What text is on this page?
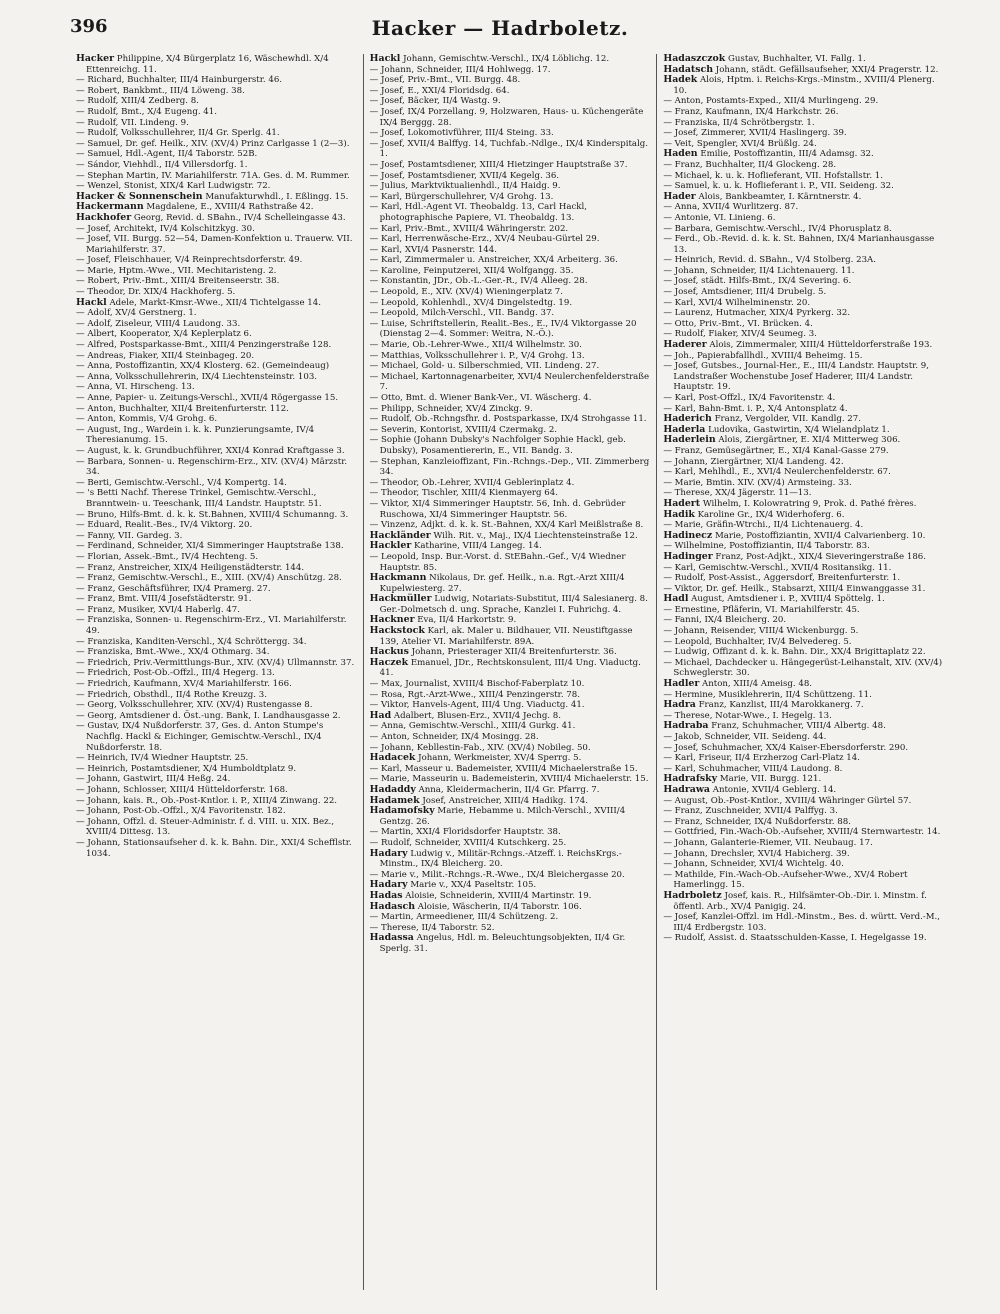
396	Hacker — Hadrboletz.

Hacker Philippine, X/4 Bürgerplatz 16, Wäschewhdl. X/4 Ettenreichg. 11.

— Richard, Buchhalter, III/4 Hainburgerstr. 46.

— Robert, Bankbmt., III/4 Löweng. 38.

— Rudolf, XIII/4 Zedberg. 8.

— Rudolf, Bmt., X/4 Eugeng. 41.

— Rudolf, VII. Lindeng. 9.

— Rudolf, Volksschullehrer, II/4 Gr. Sperlg. 41.

— Samuel, Dr. gef. Heilk., XIV. (XV/4) Prinz Carlgasse 1 (2—3).

— Samuel, Hdl.-Agent, II/4 Taborstr. 52B.

— Sándor, Viehhdl., II/4 Villersdorfg. 1.

— Stephan Martin, IV. Mariahilferstr. 71A. Ges. d. M. Rummer.

— Wenzel, Stonist, XIX/4 Karl Ludwigstr. 72.

Hacker & Sonnenschein Manufakturwhdl., I. Eßlingg. 15.

Hackermann Magdalene, E., XVIII/4 Rathstraße 42.

Hackhofer Georg, Revid. d. SBahn., IV/4 Schelleingasse 43.

— Josef, Architekt, IV/4 Kolschitzkyg. 30.

— Josef, VII. Burgg. 52—54, Damen-Konfektion u. Trauerw. VII. Mariahilferstr. 37.

— Josef, Fleischhauer, V/4 Reinprechtsdorferstr. 49.

— Marie, Hptm.-Wwe., VII. Mechitaristeng. 2.

— Robert, Priv.-Bmt., XIII/4 Breitenseerstr. 38.

— Theodor, Dr. XIX/4 Hackhoferg. 5.

Hackl Adele, Markt-Kmsr.-Wwe., XII/4 Tichtelgasse 14.

— Adolf, XV/4 Gerstnerg. 1.

— Adolf, Ziseleur, VIII/4 Laudong. 33.

— Albert, Kooperator, X/4 Keplerplatz 6.

— Alfred, Postsparkasse-Bmt., XIII/4 Penzingerstraße 128.

— Andreas, Fiaker, XII/4 Steinbageg. 20.

— Anna, Postoffizantin, XX/4 Klosterg. 62. (Gemeindeaug)

— Anna, Volksschullehrerin, IX/4 Liechtensteinstr. 103.

— Anna, VI. Hirscheng. 13.

— Anne, Papier- u. Zeitungs-Verschl., XVII/4 Rögergasse 15.

— Anton, Buchhalter, XII/4 Breitenfurterstr. 112.

— Anton, Kommis, V/4 Grohg. 6.

— August, Ing., Wardein i. k. k. Punzierungsamte, IV/4 Theresianumg. 15.

— August, k. k. Grundbuchführer, XXI/4 Konrad Kraftgasse 3.

— Barbara, Sonnen- u. Regenschirm-Erz., XIV. (XV/4) Märzstr. 34.

— Berti, Gemischtw.-Verschl., V/4 Kompertg. 14.

— 's Betti Nachf. Therese Trinkel, Gemischtw.-Verschl., Branntwein- u. Teeschank, III/4 Landstr. Hauptstr. 51.

— Bruno, Hilfs-Bmt. d. k. k. St.Bahnen, XVIII/4 Schumanng. 3.

— Eduard, Realit.-Bes., IV/4 Viktorg. 20.

— Fanny, VII. Gardeg. 3.

— Ferdinand, Schneider, XI/4 Simmeringer Hauptstraße 138.

— Florian, Assek.-Bmt., IV/4 Hechteng. 5.

— Franz, Anstreicher, XIX/4 Heiligenstädterstr. 144.

— Franz, Gemischtw.-Verschl., E., XIII. (XV/4) Anschützg. 28.

— Franz, Geschäftsführer, IX/4 Pramerg. 27.

— Franz, Bmt. VIII/4 Josefstädterstr. 91.

— Franz, Musiker, XVI/4 Haberlg. 47.

— Franziska, Sonnen- u. Regenschirm-Erz., VI. Mariahilferstr. 49.

— Franziska, Kanditen-Verschl., X/4 Schröttergg. 34.

— Franziska, Bmt.-Wwe., XX/4 Othmarg. 34.

— Friedrich, Priv.-Vermittlungs-Bur., XIV. (XV/4) Ullmannstr. 37.

— Friedrich, Post-Ob.-Offzl., III/4 Hegerg. 13.

— Friedrich, Kaufmann, XV/4 Mariahilferstr. 166.

— Friedrich, Obsthdl., II/4 Rothe Kreuzg. 3.

— Georg, Volksschullehrer, XIV. (XV/4) Rustengasse 8.

— Georg, Amtsdiener d. Öst.-ung. Bank, I. Landhausgasse 2.

— Gustav, IX/4 Nußdorferstr. 37, Ges. d. Anton Stumpe's Nachflg. Hackl & Eichinger, Gemischtw.-Verschl., IX/4 Nußdorferstr. 18.

— Heinrich, IV/4 Wiedner Hauptstr. 25.

— Heinrich, Postamtsdiener, X/4 Humboldtplatz 9.

— Johann, Gastwirt, III/4 Heßg. 24.

— Johann, Schlosser, XIII/4 Hütteldorferstr. 168.

— Johann, kais. R., Ob.-Post-Kntlor. i. P., XIII/4 Zinwang. 22.

— Johann, Post-Ob.-Offzl., X/4 Favoritenstr. 182.

— Johann, Offzl. d. Steuer-Administr. f. d. VIII. u. XIX. Bez., XVIII/4 Dittesg. 13.

— Johann, Stationsaufseher d. k. k. Bahn. Dir., XXI/4 Schefflstr. 1034.

Hackl Johann, Gemischtw.-Verschl., IX/4 Löblichg. 12.

— Johann, Schneider, III/4 Hohlwegg. 17.

— Josef, Priv.-Bmt., VII. Burgg. 48.

— Josef, E., XXI/4 Floridsdg. 64.

— Josef, Bäcker, II/4 Wastg. 9.

— Josef, IX/4 Porzellang. 9, Holzwaren, Haus- u. Küchengeräte IX/4 Berggg. 28.

— Josef, Lokomotivführer, III/4 Steing. 33.

— Josef, XVII/4 Balffyg. 14, Tuchfab.-Ndlge., IX/4 Kinderspitalg. 1.

— Josef, Postamtsdiener, XIII/4 Hietzinger Hauptstraße 37.

— Josef, Postamtsdiener, XVII/4 Kegelg. 36.

— Julius, Marktviktualienhdl., II/4 Haidg. 9.

— Karl, Bürgerschullehrer, V/4 Grohg. 13.

— Karl, Hdl.-Agent VI. Theobaldg. 13, Carl Hackl, photographische Papiere, VI. Theobaldg. 13.

— Karl, Priv.-Bmt., XVIII/4 Währingerstr. 202.

— Karl, Herrenwäsche-Erz., XV/4 Neubau-Gürtel 29.

— Karl, XVI/4 Pasnerstr. 144.

— Karl, Zimmermaler u. Anstreicher, XX/4 Arbeiterg. 36.

— Karoline, Feinputzerei, XII/4 Wolfgangg. 35.

— Konstantin, JDr., Ob.-L.-Ger.-R., IV/4 Alleeg. 28.

— Leopold, E., XIV. (XV/4) Wieningerplatz 7.

— Leopold, Kohlenhdl., XV/4 Dingelstedtg. 19.

— Leopold, Milch-Verschl., VII. Bandg. 37.

— Luise, Schriftstellerin, Realit.-Bes., E., IV/4 Viktorgasse 20 (Dienstag 2—4. Sommer: Weitra, N.-Ö.).

— Marie, Ob.-Lehrer-Wwe., XII/4 Wilhelmstr. 30.

— Matthias, Volksschullehrer i. P., V/4 Grohg. 13.

— Michael, Gold- u. Silberschmied, VII. Lindeng. 27.

— Michael, Kartonnagenarbeiter, XVI/4 Neulerchenfelderstraße 7.

— Otto, Bmt. d. Wiener Bank-Ver., VI. Wäscherg. 4.

— Philipp, Schneider, XV/4 Zinckg. 9.

— Rudolf, Ob.-Rchngsfhr. d. Postsparkasse, IX/4 Strohgasse 11.

— Severin, Kontorist, XVIII/4 Czermakg. 2.

— Sophie (Johann Dubsky's Nachfolger Sophie Hackl, geb. Dubsky), Posamentiererin, E., VII. Bandg. 3.

— Stephan, Kanzleioffizant, Fin.-Rchngs.-Dep., VII. Zimmerberg 34.

— Theodor, Ob.-Lehrer, XVII/4 Geblerinplatz 4.

— Theodor, Tischler, XIII/4 Kienmayerg 64.

— Viktor, XI/4 Simmeringer Hauptstr. 56, Inh. d. Gebrüder Ruschowa, XI/4 Simmeringer Hauptstr. 56.

— Vinzenz, Adjkt. d. k. k. St.-Bahnen, XX/4 Karl Meißlstraße 8.

Hackländer Wilh. Rit. v., Maj., IX/4 Liechtensteinstraße 12.

Hackler Katharine, VIII/4 Langeg. 14.

— Leopold, Insp. Bur.-Vorst. d. StEBahn.-Gef., V/4 Wiedner Hauptstr. 85.

Hackmann Nikolaus, Dr. gef. Heilk., n.a. Rgt.-Arzt XIII/4 Kupelwiesterg. 27.

Hackmüller Ludwig, Notariats-Substitut, III/4 Salesianerg. 8. Ger.-Dolmetsch d. ung. Sprache, Kanzlei I. Fuhrichg. 4.

Hackner Eva, II/4 Harkortstr. 9.

Hackstock Karl, ak. Maler u. Bildhauer, VII. Neustiftgasse 139, Atelier VI. Mariahilferstr. 89A.

Hackus Johann, Priesterager XII/4 Breitenfurterstr. 36.

Haczek Emanuel, JDr., Rechtskonsulent, III/4 Ung. Viaductg. 41.

— Max, Journalist, XVIII/4 Bischof-Faberplatz 10.

— Rosa, Rgt.-Arzt-Wwe., XIII/4 Penzingerstr. 78.

— Viktor, Hanvels-Agent, III/4 Ung. Viaductg. 41.

Had Adalbert, Blusen-Erz., XVII/4 Jechg. 8.

— Anna, Gemischtw.-Verschl., XIII/4 Gurkg. 41.

— Anton, Schneider, IX/4 Mosingg. 28.

— Johann, Kebllestin-Fab., XIV. (XV/4) Nobileg. 50.

Hadacek Johann, Werkmeister, XV/4 Sperrg. 5.

— Karl, Masseur u. Bademeister, XVIII/4 Michaelerstraße 15.

— Marie, Masseurin u. Bademeisterin, XVIII/4 Michaelerstr. 15.

Hadaddy Anna, Kleidermacherin, II/4 Gr. Pfarrg. 7.

Hadamek Josef, Anstreicher, XIII/4 Hadikg. 174.

Hadamofsky Marie, Hebamme u. Milch-Verschl., XVIII/4 Gentzg. 26.

— Martin, XXI/4 Floridsdorfer Hauptstr. 38.

— Rudolf, Schneider, XVIII/4 Kutschkerg. 25.

Hadary Ludwig v., Militär-Rchngs.-Atzeff. i. ReichsKrgs.-Minstm., IX/4 Bleicherg. 20.

— Marie v., Milit.-Rchngs.-R.-Wwe., IX/4 Bleichergasse 20.

Hadary Marie v., XX/4 Paseltstr. 105.

Hadas Aloisie, Schneiderin, XVIII/4 Martinstr. 19.

Hadasch Aloisie, Wäscherin, II/4 Taborstr. 106.

— Martin, Armeediener, III/4 Schützeng. 2.

— Therese, II/4 Taborstr. 52.

Hadassa Angelus, Hdl. m. Beleuchtungsobjekten, II/4 Gr. Sperlg. 31.

Hadaszczok Gustav, Buchhalter, VI. Fallg. 1.

Hadatsch Johann, städt. Gefällsaufseher, XXI/4 Pragerstr. 12.

Hadek Alois, Hptm. i. Reichs-Krgs.-Minstm., XVIII/4 Plenerg. 10.

— Anton, Postamts-Exped., XII/4 Murlingeng. 29.

— Franz, Kaufmann, IX/4 Harkchstr. 26.

— Franziska, II/4 Schrötbergstr. 1.

— Josef, Zimmerer, XVII/4 Haslingerg. 39.

— Veit, Spengler, XVI/4 Brüßlg. 24.

Haden Emilie, Postoffizantin, III/4 Adamsg. 32.

— Franz, Buchhalter, II/4 Glockeng. 28.

— Michael, k. u. k. Hoflieferant, VII. Hofstallstr. 1.

— Samuel, k. u. k. Hoflieferant i. P., VII. Seideng. 32.

Hader Alois, Bankbeamter, I. Kärntnerstr. 4.

— Anna, XVII/4 Wurlitzerg. 87.

— Antonie, VI. Linieng. 6.

— Barbara, Gemischtw.-Verschl., IV/4 Phorusplatz 8.

— Ferd., Ob.-Revid. d. k. k. St. Bahnen, IX/4 Marianhausgasse 13.

— Heinrich, Revid. d. SBahn., V/4 Stolberg. 23A.

— Johann, Schneider, II/4 Lichtenauerg. 11.

— Josef, städt. Hilfs-Bmt., IX/4 Severing. 6.

— Josef, Amtsdiener, III/4 Drubelg. 5.

— Karl, XVI/4 Wilhelminenstr. 20.

— Laurenz, Hutmacher, XIX/4 Pyrkerg. 32.

— Otto, Priv.-Bmt., VI. Brücken. 4.

— Rudolf, Fiaker, XIV/4 Seumeg. 3.

Haderer Alois, Zimmermaler, XIII/4 Hütteldorferstraße 193.

— Joh., Papierabfallhdl., XVIII/4 Beheimg. 15.

— Josef, Gutsbes., Journal-Her., E., III/4 Landstr. Hauptstr. 9, Landstraßer Wochenstube Josef Haderer, III/4 Landstr. Hauptstr. 19.

— Karl, Post-Offzl., IX/4 Favoritenstr. 4.

— Karl, Bahn-Bmt. i. P., X/4 Antonsplatz 4.

Haderich Franz, Vergolder, VII. Kandlg. 27.

Haderla Ludovika, Gastwirtin, X/4 Wielandplatz 1.

Haderlein Alois, Ziergärtner, E. XI/4 Mitterweg 306.

— Franz, Gemüsegärtner, E., XI/4 Kanal-Gasse 279.

— Johann, Ziergärtner, XI/4 Landeng. 42.

— Karl, Mehlhdl., E., XVI/4 Neulerchenfelderstr. 67.

— Marie, Bmtin. XIV. (XV/4) Armsteing. 33.

— Therese, XX/4 Jägerstr. 11—13.

Hadert Wilhelm, I. Kolowratring 9, Prok. d. Pathé frères.

Hadik Karoline Gr., IX/4 Widerhoferg. 6.

— Marie, Gräfin-Wtrchi., II/4 Lichtenauerg. 4.

Hadinecz Marie, Postoffiziantin, XVII/4 Calvarienberg. 10.

— Wilhelmine, Postoffiziantin, II/4 Taborstr. 83.

Hadinger Franz, Post-Adjkt., XIX/4 Sieveringerstraße 186.

— Karl, Gemischtw.-Verschl., XVII/4 Rositansikg. 11.

— Rudolf, Post-Assist., Aggersdorf, Breitenfurterstr. 1.

— Viktor, Dr. gef. Heilk., Stabsarzt, XIII/4 Einwanggasse 31.

Hadl August, Amtsdiener i. P., XVIII/4 Spöttelg. 1.

— Ernestine, Pfläferin, VI. Mariahilferstr. 45.

— Fanni, IX/4 Bleicherg. 20.

— Johann, Reisender, VIII/4 Wickenburgg. 5.

— Leopold, Buchhalter, IV/4 Belvedereg. 5.

— Ludwig, Offizant d. k. k. Bahn. Dir., XX/4 Brigittaplatz 22.

— Michael, Dachdecker u. Hängegerüst-Leihanstalt, XIV. (XV/4) Schweglerstr. 30.

Hadler Anton, XIII/4 Ameisg. 48.

— Hermine, Musiklehrerin, II/4 Schüttzeng. 11.

Hadra Franz, Kanzlist, III/4 Marokkanerg. 7.

— Therese, Notar-Wwe., I. Hegelg. 13.

Hadraba Franz, Schuhmacher, VIII/4 Albertg. 48.

— Jakob, Schneider, VII. Seideng. 44.

— Josef, Schuhmacher, XX/4 Kaiser-Ebersdorferstr. 290.

— Karl, Friseur, II/4 Erzherzog Carl-Platz 14.

— Karl, Schuhmacher, VIII/4 Laudong. 8.

Hadrafsky Marie, VII. Burgg. 121.

Hadrawa Antonie, XVII/4 Geblerg. 14.

— August, Ob.-Post-Kntlor., XVIII/4 Währinger Gürtel 57.

— Franz, Zuschneider, XVII/4 Palffyg. 3.

— Franz, Schneider, IX/4 Nußdorferstr. 88.

— Gottfried, Fin.-Wach-Ob.-Aufseher, XVIII/4 Sternwartestr. 14.

— Johann, Galanterie-Riemer, VII. Neubaug. 17.

— Johann, Drechsler, XVI/4 Habicherg. 39.

— Johann, Schneider, XVI/4 Wichtelg. 40.

— Mathilde, Fin.-Wach-Ob.-Aufseher-Wwe., XV/4 Robert Hamerlingg. 15.

Hadrboletz Josef, kais. R., Hilfsämter-Ob.-Dir. i. Minstm. f. öffentl. Arb., XV/4 Panigig. 24.

— Josef, Kanzlei-Offzl. im Hdl.-Minstm., Bes. d. württ. Verd.-M., III/4 Erdbergstr. 103.

— Rudolf, Assist. d. Staatsschulden-Kasse, I. Hegelgasse 19.
